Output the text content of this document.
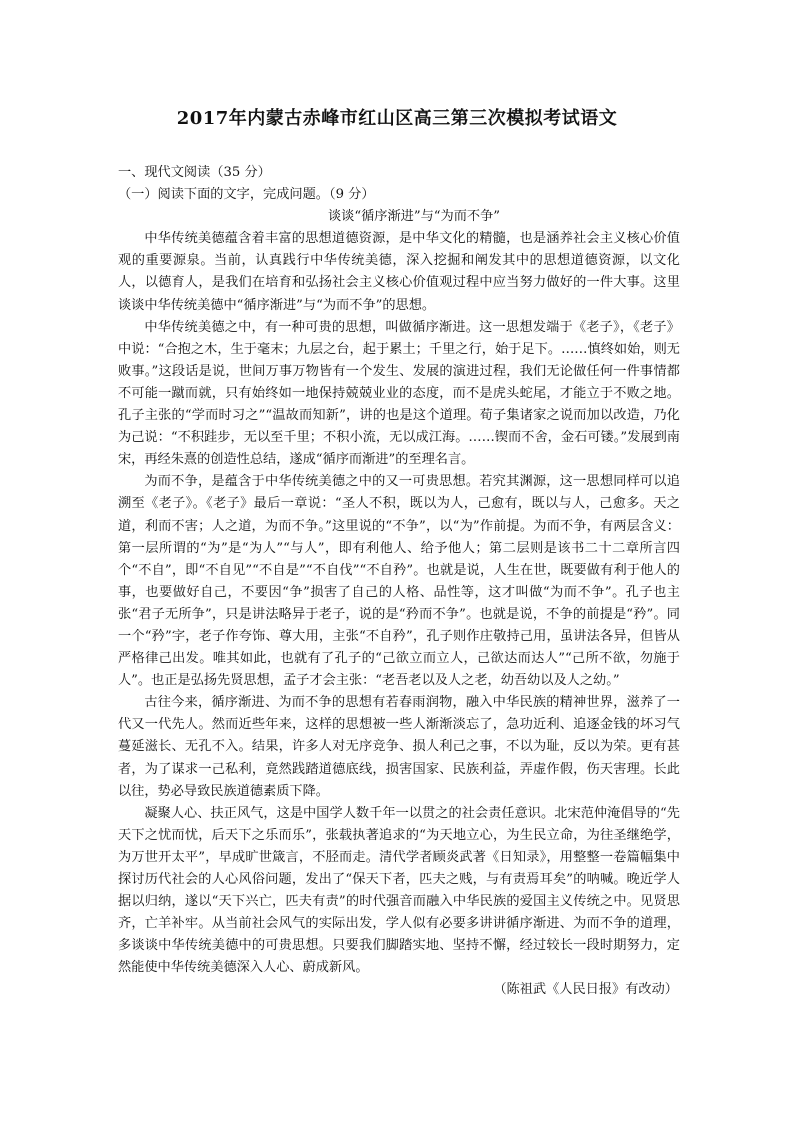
2017年内蒙古赤峰市红山区高三第三次模拟考试语文

一、现代文阅读（35 分）

（一）阅读下面的文字，完成问题。（9 分）

谈谈“循序渐进”与“为而不争”

中华传统美德蕴含着丰富的思想道德资源，是中华文化的精髓，也是涵养社会主义核心价值观的重要源泉。当前，认真践行中华传统美德，深入挖掘和阐发其中的思想道德资源，以文化人，以德育人，是我们在培育和弘扬社会主义核心价值观过程中应当努力做好的一件大事。这里谈谈中华传统美德中“循序渐进”与“为而不争”的思想。

中华传统美德之中，有一种可贵的思想，叫做循序渐进。这一思想发端于《老子》，《老子》中说：“合抱之木，生于毫末；九层之台，起于累土；千里之行，始于足下。……慎终如始，则无败事。”这段话是说，世间万事万物皆有一个发生、发展的演进过程，我们无论做任何一件事情都不可能一蹴而就，只有始终如一地保持兢兢业业的态度，而不是虎头蛇尾，才能立于不败之地。孔子主张的“学而时习之”“温故而知新”，讲的也是这个道理。荀子集诸家之说而加以改造，乃化为己说：“不积跬步，无以至千里；不积小流，无以成江海。……锲而不舍，金石可镂。”发展到南宋，再经朱熹的创造性总结，遂成“循序而渐进”的至理名言。

为而不争，是蕴含于中华传统美德之中的又一可贵思想。若究其渊源，这一思想同样可以追溯至《老子》。《老子》最后一章说：“圣人不积，既以为人，己愈有，既以与人，己愈多。天之道，利而不害；人之道，为而不争。”这里说的“不争”，以“为”作前提。为而不争，有两层含义：第一层所谓的“为”是“为人”“与人”，即有利他人、给予他人；第二层则是该书二十二章所言四个“不自”，即“不自见”“不自是”“不自伐”“不自矜”。也就是说，人生在世，既要做有利于他人的事，也要做好自己，不要因“争”损害了自己的人格、品性等，这才叫做“为而不争”。孔子也主张“君子无所争”，只是讲法略异于老子，说的是“矜而不争”。也就是说，不争的前提是“矜”。同一个“矜”字，老子作夸饰、尊大用，主张“不自矜”，孔子则作庄敬持己用，虽讲法各异，但皆从严格律己出发。唯其如此，也就有了孔子的“己欲立而立人，己欲达而达人”“己所不欲，勿施于人”。也正是弘扬先贤思想，孟子才会主张：“老吾老以及人之老，幼吾幼以及人之幼。”

古往今来，循序渐进、为而不争的思想有若春雨润物，融入中华民族的精神世界，滋养了一代又一代先人。然而近些年来，这样的思想被一些人渐渐淡忘了，急功近利、追逐金钱的坏习气蔓延滋长、无孔不入。结果，许多人对无序竞争、损人利己之事，不以为耻，反以为荣。更有甚者，为了谋求一己私利，竟然践踏道德底线，损害国家、民族利益，弄虚作假，伤天害理。长此以往，势必导致民族道德素质下降。

凝聚人心、扶正风气，这是中国学人数千年一以贯之的社会责任意识。北宋范仲淹倡导的“先天下之忧而忧，后天下之乐而乐”，张载执著追求的“为天地立心，为生民立命，为往圣继绝学，为万世开太平”，早成旷世箴言，不胫而走。清代学者顾炎武著《日知录》，用整整一卷篇幅集中探讨历代社会的人心风俗问题，发出了“保天下者，匹夫之贱，与有责焉耳矣”的呐喊。晚近学人据以归纳，遂以“天下兴亡，匹夫有责”的时代强音而融入中华民族的爱国主义传统之中。见贤思齐，亡羊补牢。从当前社会风气的实际出发，学人似有必要多讲讲循序渐进、为而不争的道理，多谈谈中华传统美德中的可贵思想。只要我们脚踏实地、坚持不懈，经过较长一段时期努力，定然能使中华传统美德深入人心、蔚成新风。

（陈祖武《人民日报》有改动）
